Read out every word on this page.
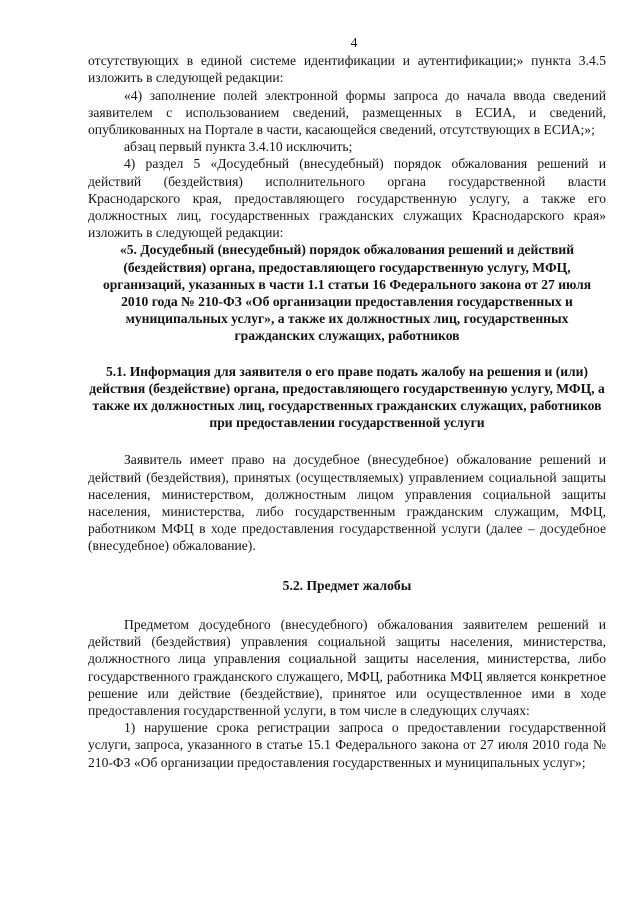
4

отсутствующих в единой системе идентификации и аутентификации;» пункта 3.4.5 изложить в следующей редакции:

«4) заполнение полей электронной формы запроса до начала ввода сведений заявителем с использованием сведений, размещенных в ЕСИА, и сведений, опубликованных на Портале в части, касающейся сведений, отсутствующих в ЕСИА;»;

абзац первый пункта 3.4.10 исключить;

4) раздел 5 «Досудебный (внесудебный) порядок обжалования решений и действий (бездействия) исполнительного органа государственной власти Краснодарского края, предоставляющего государственную услугу, а также его должностных лиц, государственных гражданских служащих Краснодарского края» изложить в следующей редакции:

«5. Досудебный (внесудебный) порядок обжалования решений и действий (бездействия) органа, предоставляющего государственную услугу, МФЦ, организаций, указанных в части 1.1 статьи 16 Федерального закона от 27 июля 2010 года № 210-ФЗ «Об организации предоставления государственных и муниципальных услуг», а также их должностных лиц, государственных гражданских служащих, работников
5.1. Информация для заявителя о его праве подать жалобу на решения и (или) действия (бездействие) органа, предоставляющего государственную услугу, МФЦ, а также их должностных лиц, государственных гражданских служащих, работников при предоставлении государственной услуги

Заявитель имеет право на досудебное (внесудебное) обжалование решений и действий (бездействия), принятых (осуществляемых) управлением социальной защиты населения, министерством, должностным лицом управления социальной защиты населения, министерства, либо государственным гражданским служащим, МФЦ, работником МФЦ в ходе предоставления государственной услуги (далее – досудебное (внесудебное) обжалование).

5.2. Предмет жалобы

Предметом досудебного (внесудебного) обжалования заявителем решений и действий (бездействия) управления социальной защиты населения, министерства, должностного лица управления социальной защиты населения, министерства, либо государственного гражданского служащего, МФЦ, работника МФЦ является конкретное решение или действие (бездействие), принятое или осуществленное ими в ходе предоставления государственной услуги, в том числе в следующих случаях:

1) нарушение срока регистрации запроса о предоставлении государственной услуги, запроса, указанного в статье 15.1 Федерального закона от 27 июля 2010 года № 210-ФЗ «Об организации предоставления государственных и муниципальных услуг»;
